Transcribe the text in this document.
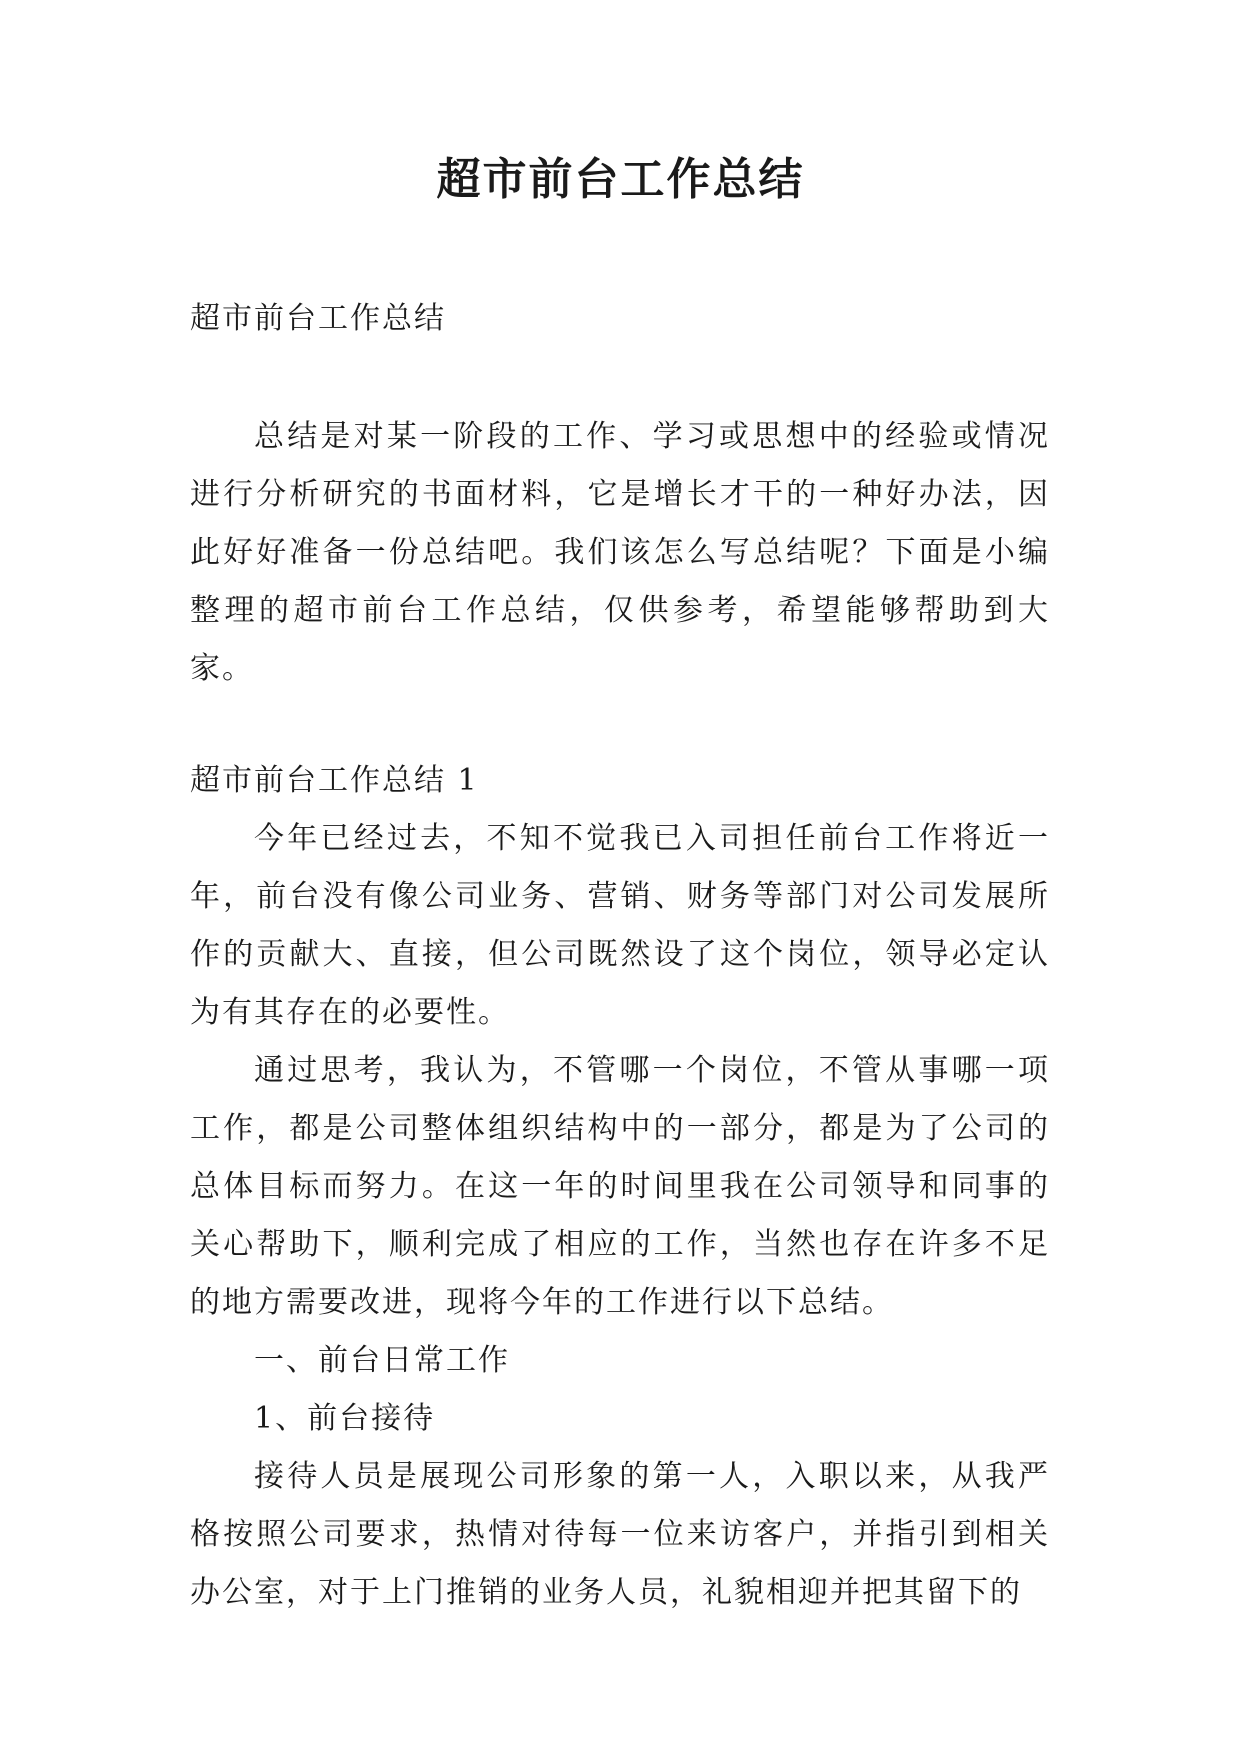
超市前台工作总结

超市前台工作总结

总结是对某一阶段的工作、学习或思想中的经验或情况进行分析研究的书面材料，它是增长才干的一种好办法，因此好好准备一份总结吧。我们该怎么写总结呢？下面是小编整理的超市前台工作总结，仅供参考，希望能够帮助到大家。

超市前台工作总结 1

今年已经过去，不知不觉我已入司担任前台工作将近一年，前台没有像公司业务、营销、财务等部门对公司发展所作的贡献大、直接，但公司既然设了这个岗位，领导必定认为有其存在的必要性。

通过思考，我认为，不管哪一个岗位，不管从事哪一项工作，都是公司整体组织结构中的一部分，都是为了公司的总体目标而努力。在这一年的时间里我在公司领导和同事的关心帮助下，顺利完成了相应的工作，当然也存在许多不足的地方需要改进，现将今年的工作进行以下总结。

一、前台日常工作

1、前台接待

接待人员是展现公司形象的第一人，入职以来，从我严格按照公司要求，热情对待每一位来访客户，并指引到相关办公室，对于上门推销的业务人员，礼貌相迎并把其留下的
